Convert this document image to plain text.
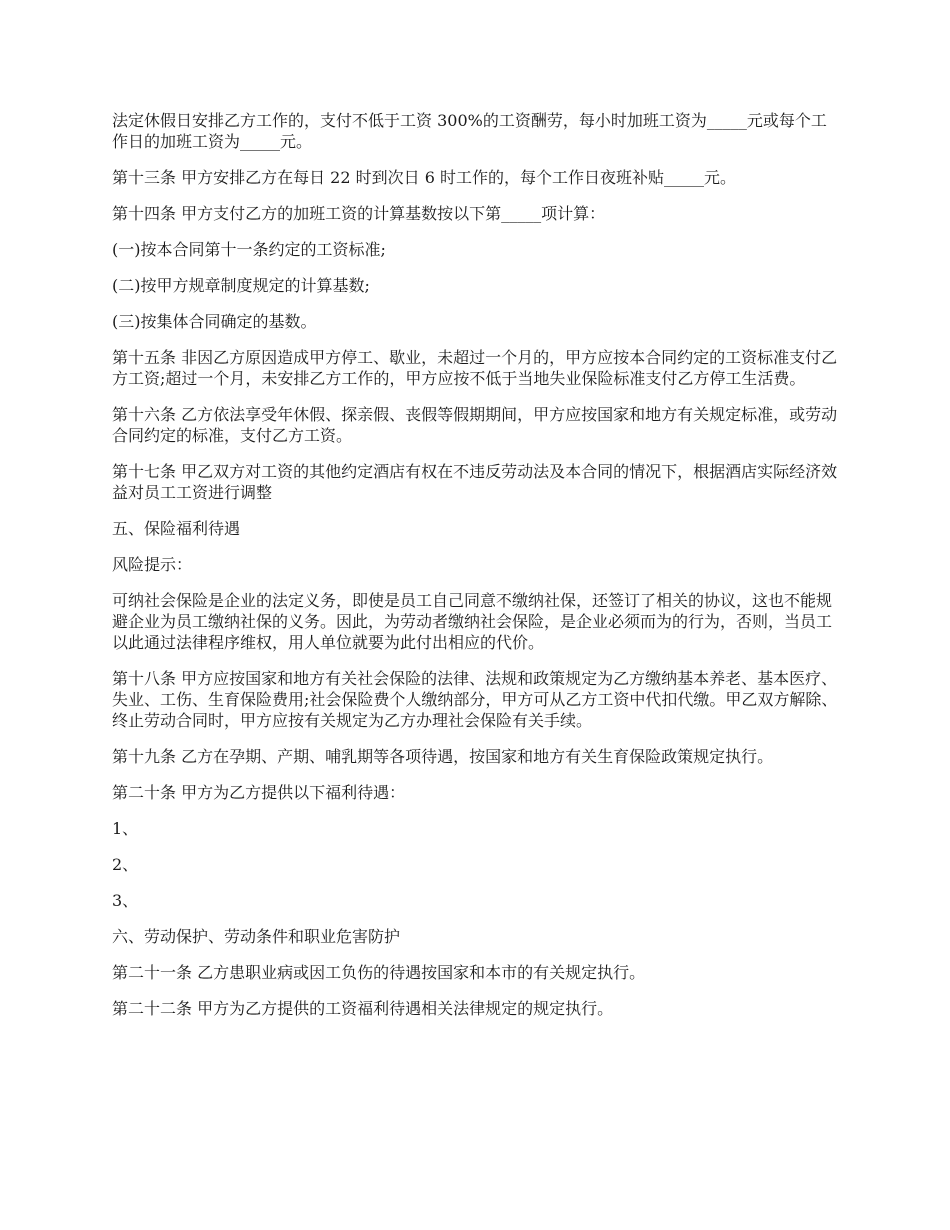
法定休假日安排乙方工作的，支付不低于工资 300%的工资酬劳，每小时加班工资为_____元或每个工作日的加班工资为_____元。

第十三条 甲方安排乙方在每日 22 时到次日 6 时工作的，每个工作日夜班补贴_____元。

第十四条 甲方支付乙方的加班工资的计算基数按以下第_____项计算：

(一)按本合同第十一条约定的工资标准;

(二)按甲方规章制度规定的计算基数;

(三)按集体合同确定的基数。

第十五条 非因乙方原因造成甲方停工、歇业，未超过一个月的，甲方应按本合同约定的工资标准支付乙方工资;超过一个月，未安排乙方工作的，甲方应按不低于当地失业保险标准支付乙方停工生活费。

第十六条 乙方依法享受年休假、探亲假、丧假等假期期间，甲方应按国家和地方有关规定标准，或劳动合同约定的标准，支付乙方工资。

第十七条 甲乙双方对工资的其他约定酒店有权在不违反劳动法及本合同的情况下，根据酒店实际经济效益对员工工资进行调整

五、保险福利待遇

风险提示：

可纳社会保险是企业的法定义务，即使是员工自己同意不缴纳社保，还签订了相关的协议，这也不能规避企业为员工缴纳社保的义务。因此，为劳动者缴纳社会保险，是企业必须而为的行为，否则，当员工以此通过法律程序维权，用人单位就要为此付出相应的代价。

第十八条 甲方应按国家和地方有关社会保险的法律、法规和政策规定为乙方缴纳基本养老、基本医疗、失业、工伤、生育保险费用;社会保险费个人缴纳部分，甲方可从乙方工资中代扣代缴。甲乙双方解除、终止劳动合同时，甲方应按有关规定为乙方办理社会保险有关手续。

第十九条 乙方在孕期、产期、哺乳期等各项待遇，按国家和地方有关生育保险政策规定执行。

第二十条 甲方为乙方提供以下福利待遇：

1、

2、

3、

六、劳动保护、劳动条件和职业危害防护

第二十一条 乙方患职业病或因工负伤的待遇按国家和本市的有关规定执行。

第二十二条 甲方为乙方提供的工资福利待遇相关法律规定的规定执行。
